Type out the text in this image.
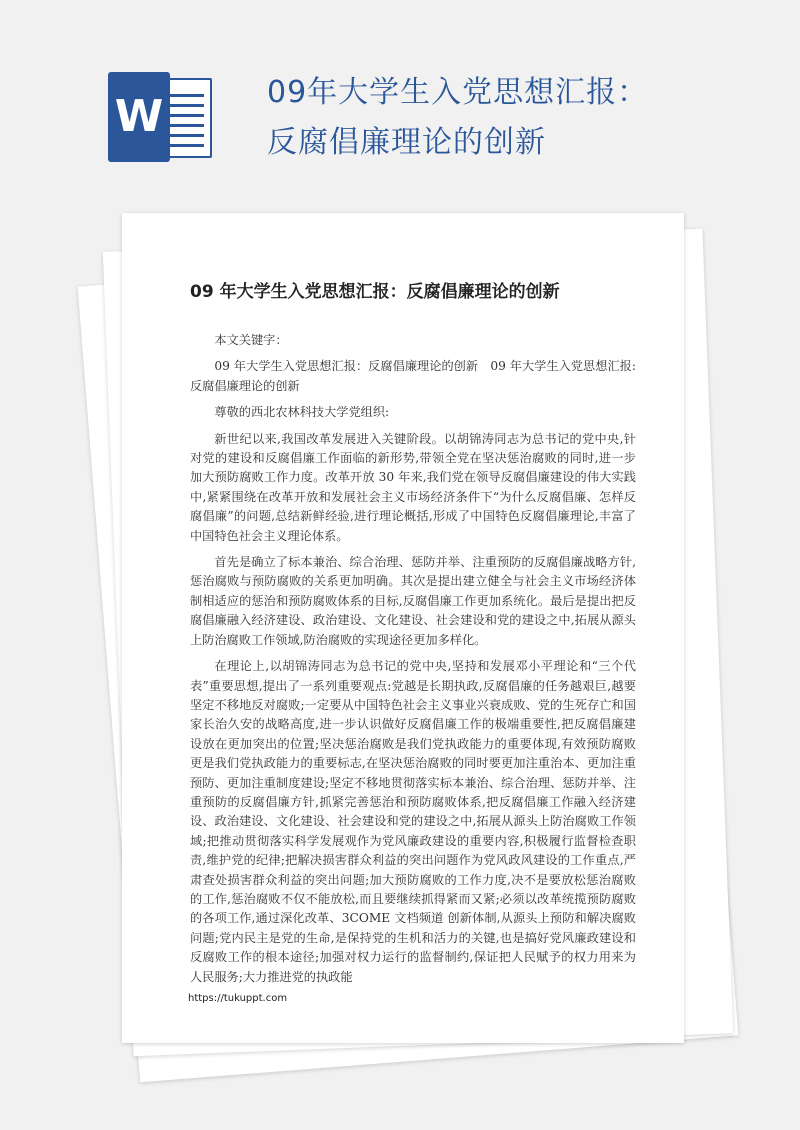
W	09年大学生入党思想汇报：
反腐倡廉理论的创新
09 年大学生入党思想汇报：反腐倡廉理论的创新

本文关键字：

09 年大学生入党思想汇报：反腐倡廉理论的创新　09 年大学生入党思想汇报:反腐倡廉理论的创新

尊敬的西北农林科技大学党组织:

新世纪以来,我国改革发展进入关键阶段。以胡锦涛同志为总书记的党中央,针对党的建设和反腐倡廉工作面临的新形势,带领全党在坚决惩治腐败的同时,进一步加大预防腐败工作力度。改革开放 30 年来,我们党在领导反腐倡廉建设的伟大实践中,紧紧围绕在改革开放和发展社会主义市场经济条件下“为什么反腐倡廉、怎样反腐倡廉”的问题,总结新鲜经验,进行理论概括,形成了中国特色反腐倡廉理论,丰富了中国特色社会主义理论体系。

首先是确立了标本兼治、综合治理、惩防并举、注重预防的反腐倡廉战略方针,惩治腐败与预防腐败的关系更加明确。其次是提出建立健全与社会主义市场经济体制相适应的惩治和预防腐败体系的目标,反腐倡廉工作更加系统化。最后是提出把反腐倡廉融入经济建设、政治建设、文化建设、社会建设和党的建设之中,拓展从源头上防治腐败工作领域,防治腐败的实现途径更加多样化。

在理论上,以胡锦涛同志为总书记的党中央,坚持和发展邓小平理论和“三个代表”重要思想,提出了一系列重要观点:党越是长期执政,反腐倡廉的任务越艰巨,越要坚定不移地反对腐败;一定要从中国特色社会主义事业兴衰成败、党的生死存亡和国家长治久安的战略高度,进一步认识做好反腐倡廉工作的极端重要性,把反腐倡廉建设放在更加突出的位置;坚决惩治腐败是我们党执政能力的重要体现,有效预防腐败更是我们党执政能力的重要标志,在坚决惩治腐败的同时要更加注重治本、更加注重预防、更加注重制度建设;坚定不移地贯彻落实标本兼治、综合治理、惩防并举、注重预防的反腐倡廉方针,抓紧完善惩治和预防腐败体系,把反腐倡廉工作融入经济建设、政治建设、文化建设、社会建设和党的建设之中,拓展从源头上防治腐败工作领域;把推动贯彻落实科学发展观作为党风廉政建设的重要内容,积极履行监督检查职责,维护党的纪律;把解决损害群众利益的突出问题作为党风政风建设的工作重点,严肃查处损害群众利益的突出问题;加大预防腐败的工作力度,决不是要放松惩治腐败的工作,惩治腐败不仅不能放松,而且要继续抓得紧而又紧;必须以改革统揽预防腐败的各项工作,通过深化改革、3COME 文档频道 创新体制,从源头上预防和解决腐败问题;党内民主是党的生命,是保持党的生机和活力的关键,也是搞好党风廉政建设和反腐败工作的根本途径;加强对权力运行的监督制约,保证把人民赋予的权力用来为人民服务;大力推进党的执政能

https://tukuppt.com
